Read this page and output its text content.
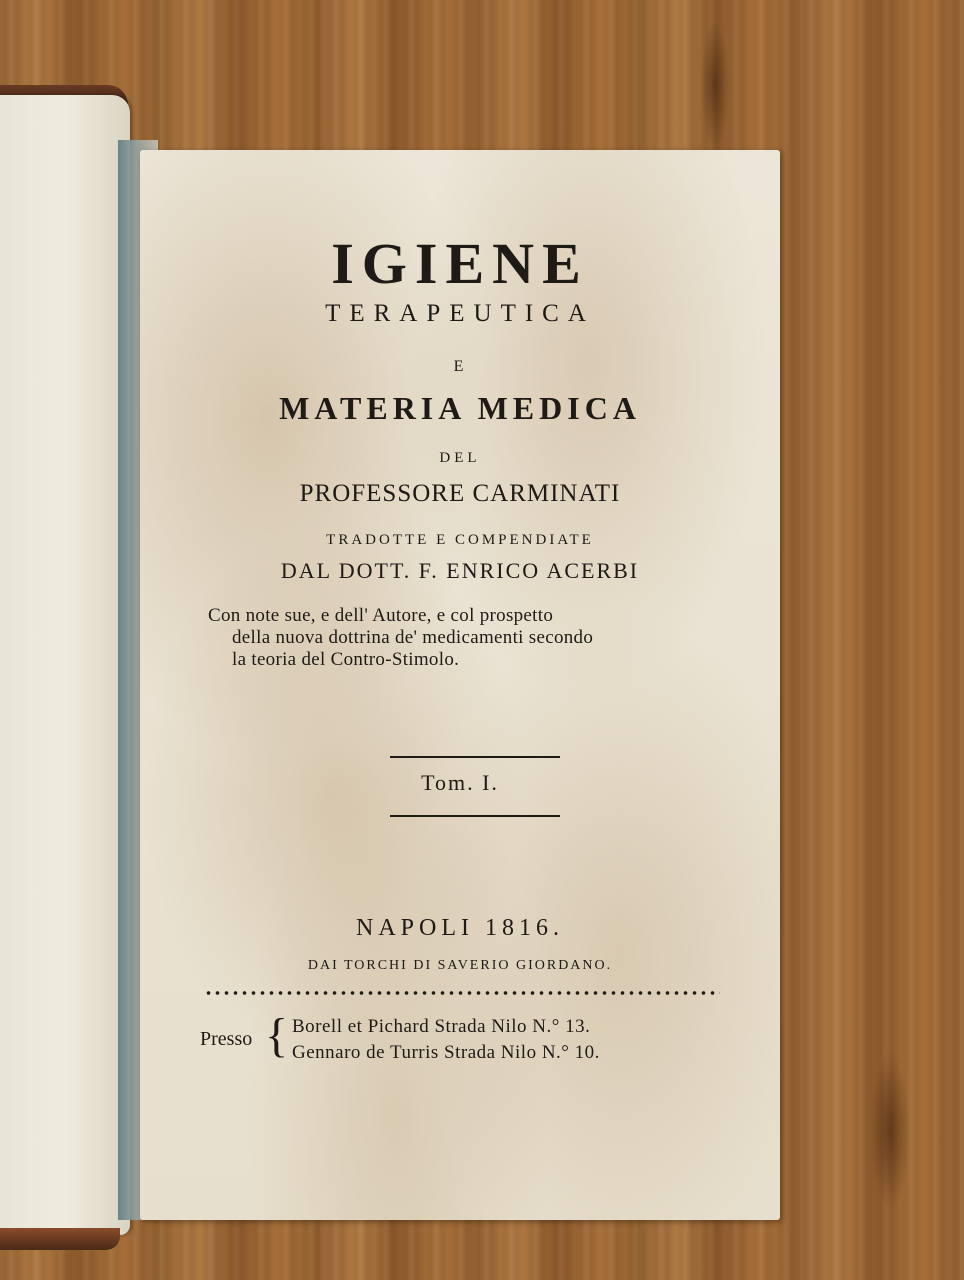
IGIENE
TERAPEUTICA
E
MATERIA MEDICA
DEL
PROFESSORE CARMINATI
TRADOTTE E COMPENDIATE
DAL DOTT. F. ENRICO ACERBI
Con note sue, e dell' Autore, e col prospetto
della nuova dottrina de' medicamenti secondo
la teoria del Contro-Stimolo.
Tom. I.
NAPOLI 1816.
DAI TORCHI DI SAVERIO GIORDANO.
Presso { Borell et Pichard Strada Nilo N.° 13.
Gennaro de Turris Strada Nilo N.° 10.
